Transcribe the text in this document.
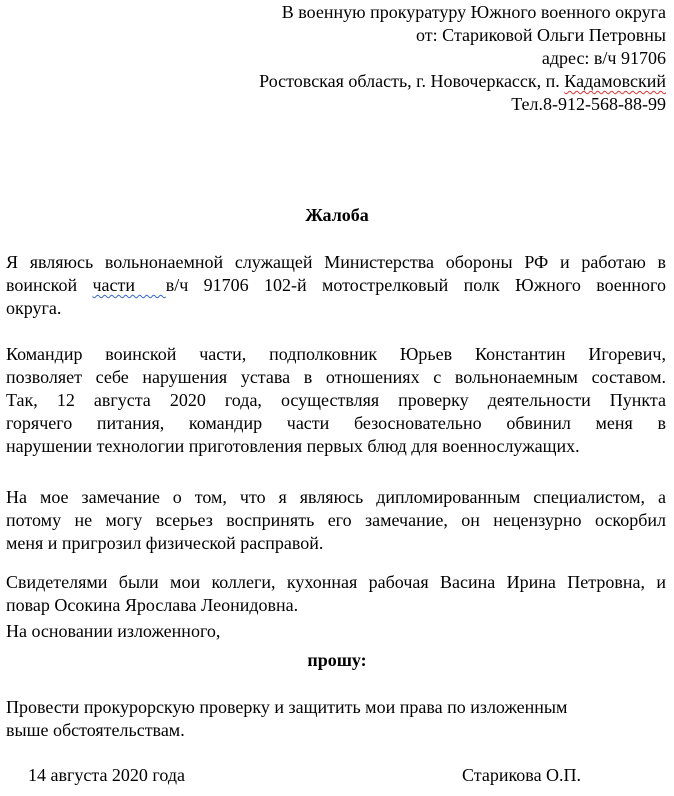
В военную прокуратуру Южного военного округа
от: Стариковой Ольги Петровны
адрес: в/ч 91706
Ростовская область, г. Новочеркасск, п. Кадамовский
Тел.8-912-568-88-99
Жалоба
Я являюсь вольнонаемной служащей Министерства обороны РФ и работаю в
воинской части  в/ч 91706 102-й мотострелковый полк Южного военного
округа.
Командир воинской части, подполковник Юрьев Константин Игоревич,
позволяет себе нарушения устава в отношениях с вольнонаемным составом.
Так, 12 августа 2020 года, осуществляя проверку деятельности Пункта
горячего питания, командир части безосновательно обвинил меня в
нарушении технологии приготовления первых блюд для военнослужащих.
На мое замечание о том, что я являюсь дипломированным специалистом, а
потому не могу всерьез воспринять его замечание, он нецензурно оскорбил
меня и пригрозил физической расправой.
Свидетелями были мои коллеги, кухонная рабочая Васина Ирина Петровна, и
повар Осокина Ярослава Леонидовна.
На основании изложенного,
прошу:
Провести прокурорскую проверку и защитить мои права по изложенным
выше обстоятельствам.
14 августа 2020 года	Старикова О.П.
